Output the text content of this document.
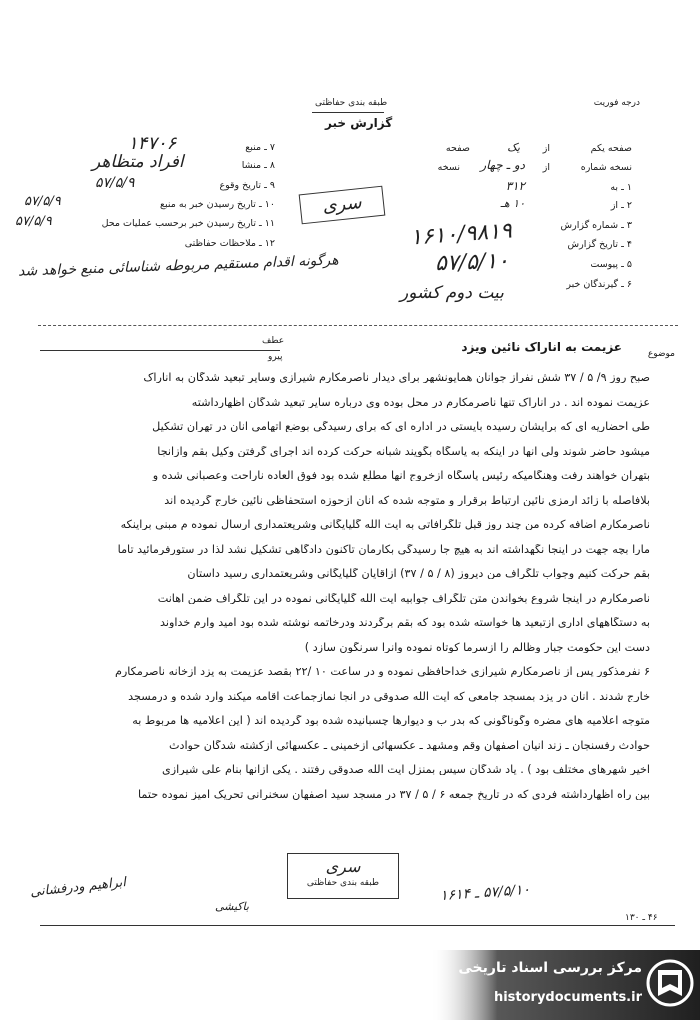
درجه فوریت
طبقه بندی حفاظتی
گزارش خبر
صفحه یکم
از
یک
صفحه
نسخه شماره
از
دو ـ چهار
نسخه
۱ ـ به
۳۱۲
۲ ـ از
۱۰ هـ
۳ ـ شماره گزارش
۴ ـ تاریخ گزارش
۵ ـ پیوست
۶ ـ گیرندگان خبر
۷ ـ منبع
۱۴۷۰۶
۸ ـ منشا
افراد متظاهر
۹ ـ تاریخ وقوع
۵۷/۵/۹
۱۰ ـ تاریخ رسیدن خبر به منبع
۵۷/۵/۹
۱۱ ـ تاریخ رسیدن خبر برحسب عملیات محل
۵۷/۵/۹
۱۲ ـ ملاحظات حفاظتی
سری
۱۶۱۰/۹۸۱۹
۵۷/۵/۱۰
هرگونه اقدام مستقیم مربوطه شناسائی منبع خواهد شد
بیت دوم کشور
موضوع
عزیمت به اناراک نائین ویزد
عطف
پیرو
صبح روز ۹/ ۵ / ۳۷ شش نفراز جوانان همایونشهر برای دیدار ناصرمکارم شیرازی وسایر تبعید شدگان به اناراک
عزیمت نموده اند . در اناراک تنها ناصرمکارم در محل بوده وی درباره سایر تبعید شدگان اظهارداشته
طی احضاریه ای که برایشان رسیده بایستی در اداره ای که برای رسیدگی بوضع اتهامی آنان در تهران تشکیل
میشود حاضر شوند ولی آنها در اینکه به پاسگاه بگویند شبانه حرکت کرده اند اجرای گرفتن وکیل بقم وازآنجا
بتهران خواهند رفت وهنگامیکه رئیس پاسگاه ازخروج آنها مطلع شده بود فوق العاده ناراحت وعصبانی شده و
بلافاصله با زائد ارمزی نائین ارتباط برقرار و متوجه شده که آنان ازحوزه استحفاظی نائین خارج گردیده اند
ناصرمکارم اضافه کرده من چند روز قبل تلگرافاتی به آیت الله گلپایگانی وشریعتمداری ارسال نموده م مبنی براینکه
مارا بچه جهت در اینجا نگهداشته اند به هیچ جا رسیدگی بکارمان تاکنون دادگاهی تشکیل نشد لذا در ستورفرمائید تاما
بقم حرکت کنیم وجواب تلگراف من دیروز (۸ / ۵ / ۳۷) ازآقایان گلپایگانی وشریعتمداری رسید داستان
ناصرمکارم در اینجا شروع بخواندن متن تلگراف جوابیه آیت الله گلپایگانی نموده در این تلگراف ضمن اهانت
به دستگاههای اداری ازتبعید ها خواسته شده بود که بقم برگردند ودرخاتمه نوشته شده بود امید وارم خداوند
دست این حکومت جبار وظالم را ازسرما کوتاه نموده وآنرا سرنگون سازد )
۶ نفرمذکور پس از ناصرمکارم شیرازی خداحافظی نموده و در ساعت ۱۰ /۲۲ بقصد عزیمت به یزد ازخانه ناصرمکارم
خارج شدند . آنان در یزد بمسجد جامعی که آیت الله صدوقی در آنجا نمازجماعت اقامه میکند وارد شده و درمسجد
متوجه اعلامیه های مضره وگوناگونی که بدر ب و دیوارها چسبانیده شده بود گردیده اند ( این اعلامیه ها مربوط به
حوادث رفسنجان ـ زند انیان اصفهان وقم ومشهد ـ عکسهائی ازخمینی ـ عکسهائی ازکشته شدگان حوادث
اخیر شهرهای مختلف بود ) . یاد شدگان سپس بمنزل آیت الله صدوقی رفتند . یکی ازآنها بنام علی شیرازی
بین راه اظهارداشته فردی که در تاریخ جمعه ۶ / ۵ / ۳۷ در مسجد سید اصفهان سخنرانی تحریک آمیز نموده حتماً
سری
طبقه بندی حفاظتی
ابراهیم ودرفشانی
باکیشی
۵۷/۵/۱۰ ـ ۱۶۱۴
۴۶ ـ ۱۳۰
مرکز بررسی اسناد تاریخی
historydocuments.ir
